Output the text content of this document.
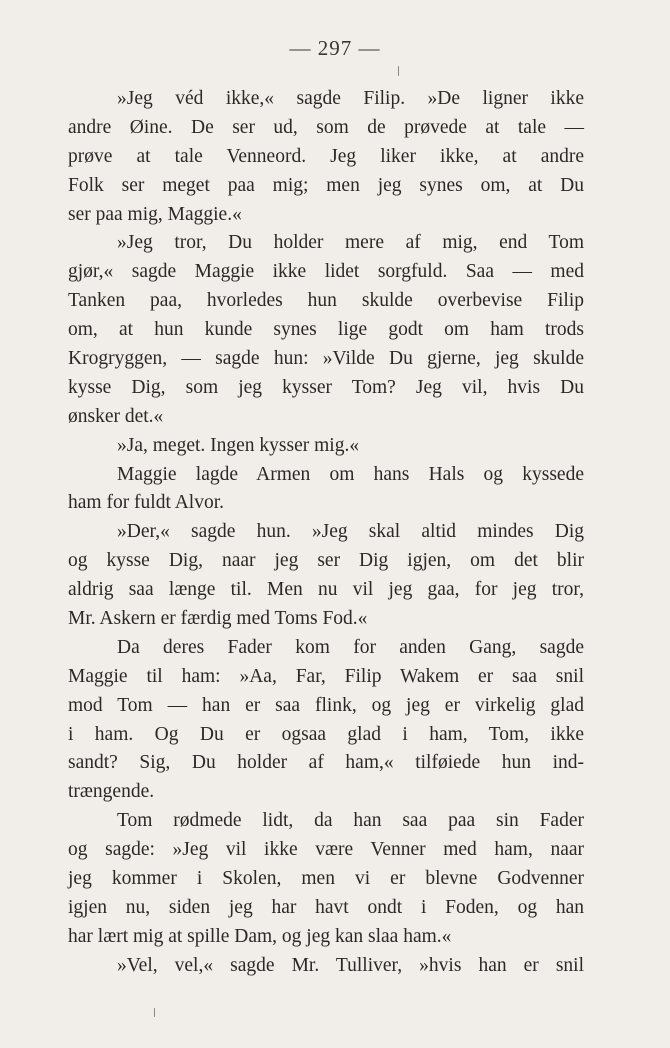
— 297 —
»Jeg véd ikke,« sagde Filip. »De ligner ikke
andre Øine. De ser ud, som de prøvede at tale —
prøve at tale Venneord. Jeg liker ikke, at andre
Folk ser meget paa mig; men jeg synes om, at Du
ser paa mig, Maggie.«
»Jeg tror, Du holder mere af mig, end Tom
gjør,« sagde Maggie ikke lidet sorgfuld. Saa — med
Tanken paa, hvorledes hun skulde overbevise Filip
om, at hun kunde synes lige godt om ham trods
Krogryggen, — sagde hun: »Vilde Du gjerne, jeg skulde
kysse Dig, som jeg kysser Tom? Jeg vil, hvis Du
ønsker det.«
»Ja, meget. Ingen kysser mig.«
Maggie lagde Armen om hans Hals og kyssede
ham for fuldt Alvor.
»Der,« sagde hun. »Jeg skal altid mindes Dig
og kysse Dig, naar jeg ser Dig igjen, om det blir
aldrig saa længe til. Men nu vil jeg gaa, for jeg tror,
Mr. Askern er færdig med Toms Fod.«
Da deres Fader kom for anden Gang, sagde
Maggie til ham: »Aa, Far, Filip Wakem er saa snil
mod Tom — han er saa flink, og jeg er virkelig glad
i ham. Og Du er ogsaa glad i ham, Tom, ikke
sandt? Sig, Du holder af ham,« tilføiede hun ind-
trængende.
Tom rødmede lidt, da han saa paa sin Fader
og sagde: »Jeg vil ikke være Venner med ham, naar
jeg kommer i Skolen, men vi er blevne Godvenner
igjen nu, siden jeg har havt ondt i Foden, og han
har lært mig at spille Dam, og jeg kan slaa ham.«
»Vel, vel,« sagde Mr. Tulliver, »hvis han er snil
